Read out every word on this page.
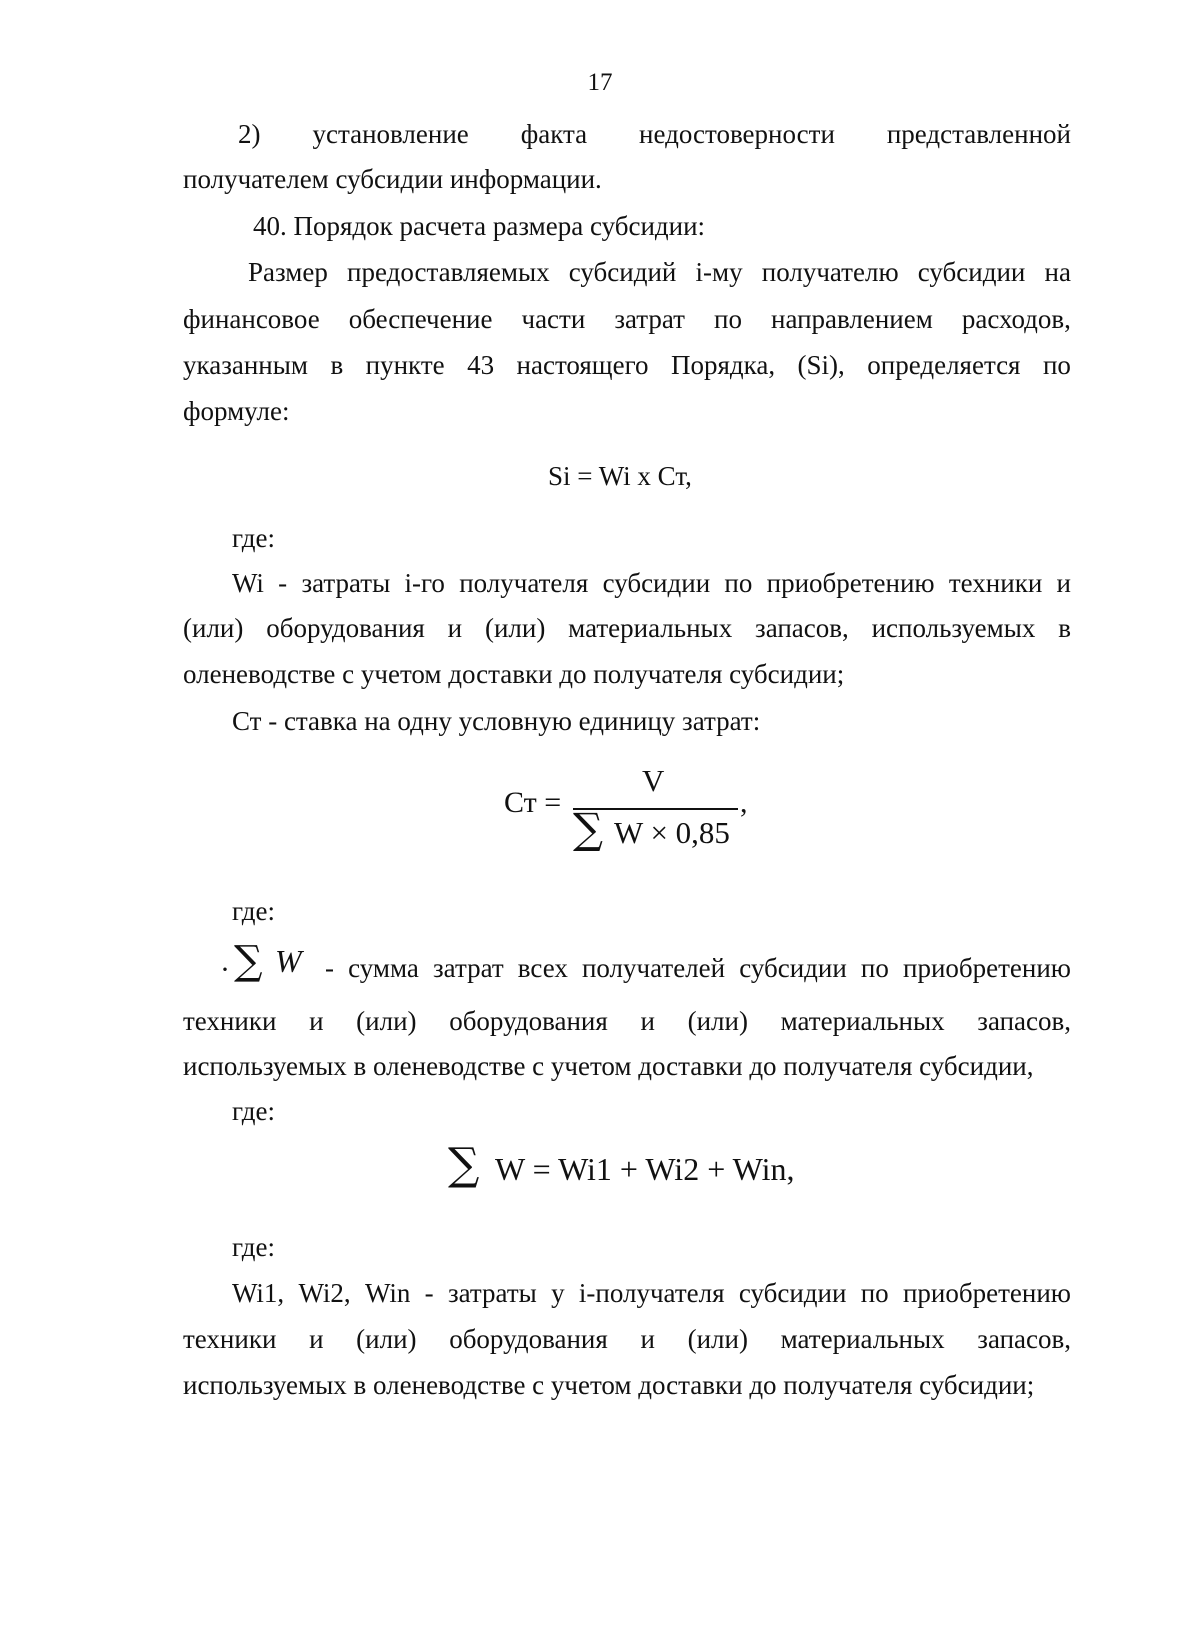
17
2) установление факта недостоверности представленной
получателем субсидии информации.
40. Порядок расчета размера субсидии:
Размер предоставляемых субсидий i-му получателю субсидии на
финансовое обеспечение части затрат по направлением расходов,
указанным в пункте 43 настоящего Порядка, (Si), определяется по
формуле:
Si = Wi x Ст,
где:
Wi - затраты i-го получателя субсидии по приобретению техники и
(или) оборудования и (или) материальных запасов, используемых в
оленеводстве с учетом доставки до получателя субсидии;
Ст - ставка на одну условную единицу затрат:
Ст =
V
∑ W × 0,85
,
где:
· ∑ W - сумма затрат всех получателей субсидии по приобретению
техники и (или) оборудования и (или) материальных запасов,
используемых в оленеводстве с учетом доставки до получателя субсидии,
где:
∑ W = Wi1 + Wi2 + Win,
где:
Wi1, Wi2, Win - затраты у i-получателя субсидии по приобретению
техники и (или) оборудования и (или) материальных запасов,
используемых в оленеводстве с учетом доставки до получателя субсидии;
